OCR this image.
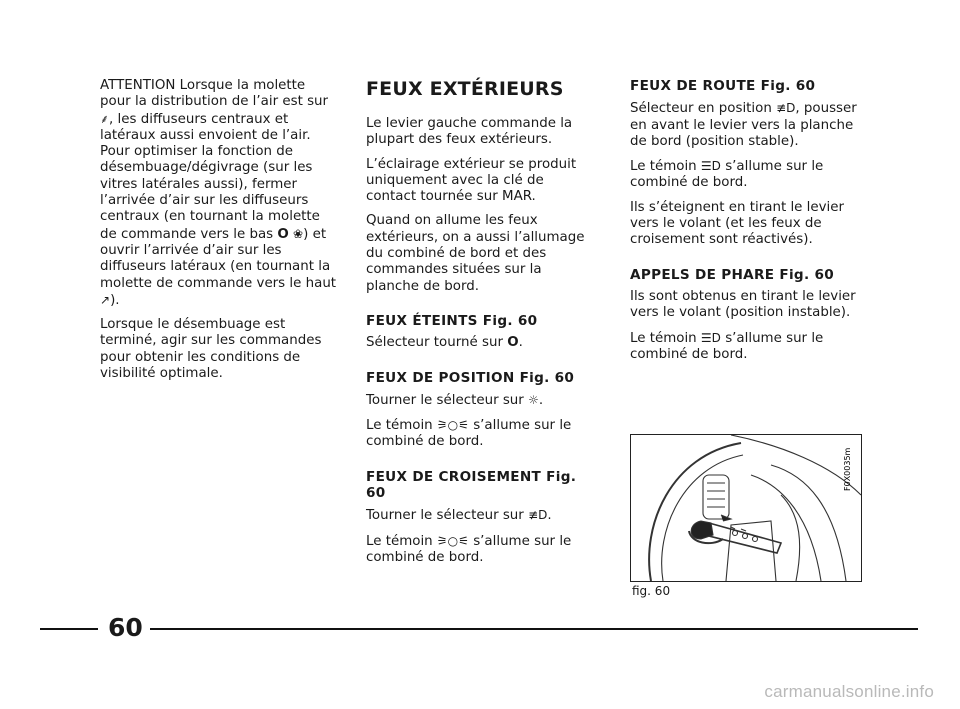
ATTENTION Lorsque la molette pour la distribution de l’air est sur ⸙, les diffuseurs centraux et latéraux aussi envoient de l’air.

Pour optimiser la fonction de désembuage/dégivrage (sur les vitres latérales aussi), fermer l’arrivée d’air sur les diffuseurs centraux (en tournant la molette de commande vers le bas O ❀) et ouvrir l’arrivée d’air sur les diffuseurs latéraux (en tournant la molette de commande vers le haut ↗).

Lorsque le désembuage est terminé, agir sur les commandes pour obtenir les conditions de visibilité optimale.

FEUX EXTÉRIEURS

Le levier gauche commande la plupart des feux extérieurs.

L’éclairage extérieur se produit uniquement avec la clé de contact tournée sur MAR.

Quand on allume les feux extérieurs, on a aussi l’allumage du combiné de bord et des commandes situées sur la planche de bord.

FEUX ÉTEINTS Fig. 60

Sélecteur tourné sur O.

FEUX DE POSITION Fig. 60

Tourner le sélecteur sur ☼.

Le témoin ⚞○⚟ s’allume sur le combiné de bord.

FEUX DE CROISEMENT Fig. 60

Tourner le sélecteur sur ≢D.

Le témoin ⚞○⚟ s’allume sur le combiné de bord.

FEUX DE ROUTE Fig. 60

Sélecteur en position ≢D, pousser en avant le levier vers la planche de bord (position stable).

Le témoin ☰D s’allume sur le combiné de bord.

Ils s’éteignent en tirant le levier vers le volant (et les feux de croisement sont réactivés).

APPELS DE PHARE Fig. 60

Ils sont obtenus en tirant le levier vers le volant (position instable).

Le témoin ☰D s’allume sur le combiné de bord.

F0X0035m
fig. 60
60
carmanualsonline.info
